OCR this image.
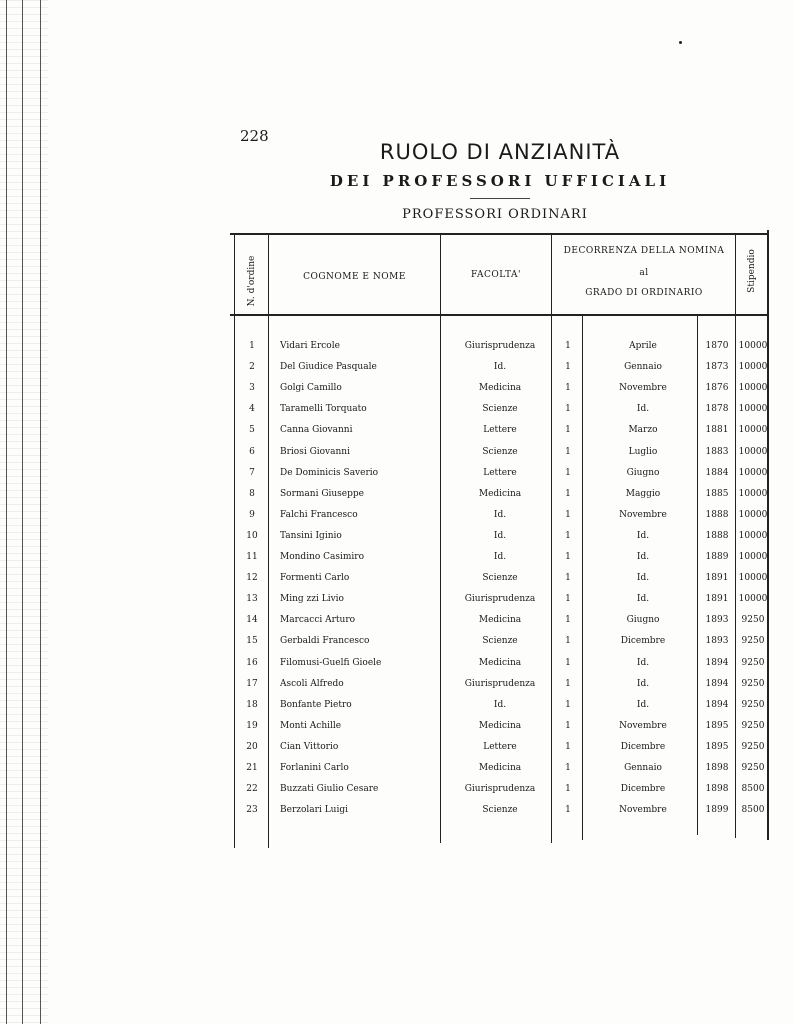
228
RUOLO DI ANZIANITÀ
DEI PROFESSORI UFFICIALI
PROFESSORI ORDINARI
N. d'ordine	COGNOME E NOME	FACOLTA'
DECORRENZA DELLA NOMINA
al
GRADO DI ORDINARIO
Stipendio
1	Vidari Ercole	Giurisprudenza	1	Aprile	1870	10000
2	Del Giudice Pasquale	Id.	1	Gennaio	1873	10000
3	Golgi Camillo	Medicina	1	Novembre	1876	10000
4	Taramelli Torquato	Scienze	1	Id.	1878	10000
5	Canna Giovanni	Lettere	1	Marzo	1881	10000
6	Briosi Giovanni	Scienze	1	Luglio	1883	10000
7	De Dominicis Saverio	Lettere	1	Giugno	1884	10000
8	Sormani Giuseppe	Medicina	1	Maggio	1885	10000
9	Falchi Francesco	Id.	1	Novembre	1888	10000
10	Tansini Iginio	Id.	1	Id.	1888	10000
11	Mondino Casimiro	Id.	1	Id.	1889	10000
12	Formenti Carlo	Scienze	1	Id.	1891	10000
13	Ming zzi Livio	Giurisprudenza	1	Id.	1891	10000
14	Marcacci Arturo	Medicina	1	Giugno	1893	9250
15	Gerbaldi Francesco	Scienze	1	Dicembre	1893	9250
16	Filomusi-Guelfi Gioele	Medicina	1	Id.	1894	9250
17	Ascoli Alfredo	Giurisprudenza	1	Id.	1894	9250
18	Bonfante Pietro	Id.	1	Id.	1894	9250
19	Monti Achille	Medicina	1	Novembre	1895	9250
20	Cian Vittorio	Lettere	1	Dicembre	1895	9250
21	Forlanini Carlo	Medicina	1	Gennaio	1898	9250
22	Buzzati Giulio Cesare	Giurisprudenza	1	Dicembre	1898	8500
23	Berzolari Luigi	Scienze	1	Novembre	1899	8500
